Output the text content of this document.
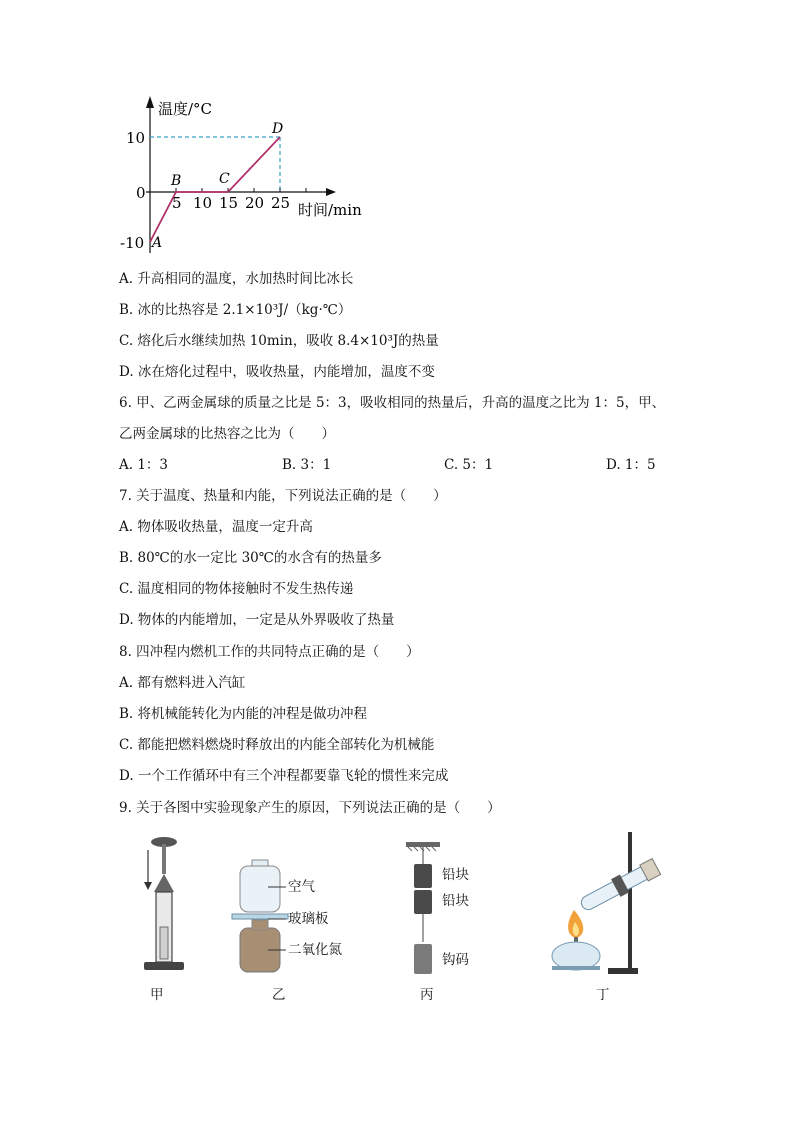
温度/°C
时间/min
10
0
-10
5 10 15 20 25
A
B	C
D
A. 升高相同的温度，水加热时间比冰长
B. 冰的比热容是 2.1×10³J/（kg·℃）
C. 熔化后水继续加热 10min，吸收 8.4×10³J的热量
D. 冰在熔化过程中，吸收热量，内能增加，温度不变
6. 甲、乙两金属球的质量之比是 5：3，吸收相同的热量后，升高的温度之比为 1：5，甲、
乙两金属球的比热容之比为（　　）
A. 1：3	B. 3：1	C. 5：1	D. 1：5
7. 关于温度、热量和内能，下列说法正确的是（　　）
A. 物体吸收热量，温度一定升高
B. 80℃的水一定比 30℃的水含有的热量多
C. 温度相同的物体接触时不发生热传递
D. 物体的内能增加，一定是从外界吸收了热量
8. 四冲程内燃机工作的共同特点正确的是（　　）
A. 都有燃料进入汽缸
B. 将机械能转化为内能的冲程是做功冲程
C. 都能把燃料燃烧时释放出的内能全部转化为机械能
D. 一个工作循环中有三个冲程都要靠飞轮的惯性来完成
9. 关于各图中实验现象产生的原因，下列说法正确的是（　　）
甲
空气
玻璃板
二氧化氮
乙
铅块
铅块
钩码
丙	丁
